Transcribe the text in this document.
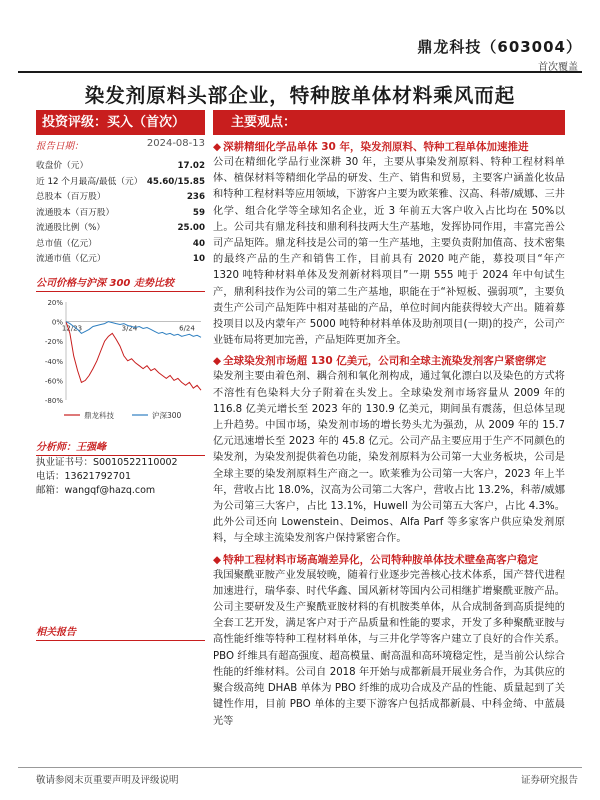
鼎龙科技（603004）
首次覆盖
染发剂原料头部企业，特种胺单体材料乘风而起
投资评级：买入（首次）
报告日期：	2024-08-13
收盘价（元）	17.02
近 12 个月最高/最低（元） 45.60/15.85
总股本（百万股）	236
流通股本（百万股）	59
流通股比例（%）	25.00
总市值（亿元）	40
流通市值（亿元）	10
公司价格与沪深 300 走势比较
20%
0%
-20%
-40%
-60%
-80%
12/23	3/24	6/24
鼎龙科技	沪深300
分析师：王强峰
执业证书号：S0010522110002
电话：13621792701
邮箱：wangqf@hazq.com
相关报告
主要观点：
◆ 深耕精细化学品单体 30 年，染发剂原料、特种工程单体加速推进

公司在精细化学品行业深耕 30 年，主要从事染发剂原料、特种工程材料单体、植保材料等精细化学品的研发、生产、销售和贸易，主要客户涵盖化妆品和特种工程材料等应用领域，下游客户主要为欧莱雅、汉高、科蒂/威娜、三井化学、组合化学等全球知名企业，近 3 年前五大客户收入占比均在 50%以上。公司共有鼎龙科技和鼎利科技两大生产基地，发挥协同作用，丰富完善公司产品矩阵。鼎龙科技是公司的第一生产基地，主要负责附加值高、技术密集的最终产品的生产和销售工作，目前具有 2020 吨产能，募投项目“年产 1320 吨特种材料单体及发剂新材料项目”一期 555 吨于 2024 年中旬试生产，鼎利科技作为公司的第二生产基地，职能在于“补短板、强弱项”，主要负责生产公司产品矩阵中相对基础的产品，单位时间内能获得较大产出。随着募投项目以及内蒙年产 5000 吨特种材料单体及助剂项目(一期)的投产，公司产业链布局将更加完善，产品矩阵更加齐全。

◆ 全球染发剂市场超 130 亿美元，公司和全球主流染发剂客户紧密绑定

染发剂主要由着色剂、耦合剂和氧化剂构成，通过氧化漂白以及染色的方式将不溶性有色染料大分子附着在头发上。全球染发剂市场容量从 2009 年的 116.8 亿美元增长至 2023 年的 130.9 亿美元，期间虽有震荡，但总体呈现上升趋势。中国市场，染发剂市场的增长势头尤为强劲，从 2009 年的 15.7 亿元迅速增长至 2023 年的 45.8 亿元。公司产品主要应用于生产不同颜色的染发剂，为染发剂提供着色功能，染发剂原料为公司第一大业务板块，公司是全球主要的染发剂原料生产商之一。欧莱雅为公司第一大客户，2023 年上半年，营收占比 18.0%，汉高为公司第二大客户，营收占比 13.2%，科蒂/威娜为公司第三大客户，占比 13.1%，Huwell 为公司第五大客户，占比 4.3%。此外公司还向 Lowenstein、Deimos、Alfa Parf 等多家客户供应染发剂原料，与全球主流染发剂客户保持紧密合作。

◆ 特种工程材料市场高端差异化，公司特种胺单体技术壁垒高客户稳定

我国聚酰亚胺产业发展较晚，随着行业逐步完善核心技术体系，国产替代进程加速进行，瑞华泰、时代华鑫、国风新材等国内公司相继扩增聚酰亚胺产品。公司主要研发及生产聚酰亚胺材料的有机胺类单体，从合成制备到高质提纯的全套工艺开发，满足客户对于产品质量和性能的要求，开发了多种聚酰亚胺与高性能纤维等特种工程材料单体，与三井化学等客户建立了良好的合作关系。PBO 纤维具有超高强度、超高模量、耐高温和高环境稳定性，是当前公认综合性能的纤维材料。公司自 2018 年开始与成都新晨开展业务合作，为其供应的聚合级高纯 DHAB 单体为 PBO 纤维的成功合成及产品的性能、质量起到了关键性作用，目前 PBO 单体的主要下游客户包括成都新晨、中科金绮、中蓝晨光等

敬请参阅末页重要声明及评级说明	证券研究报告
